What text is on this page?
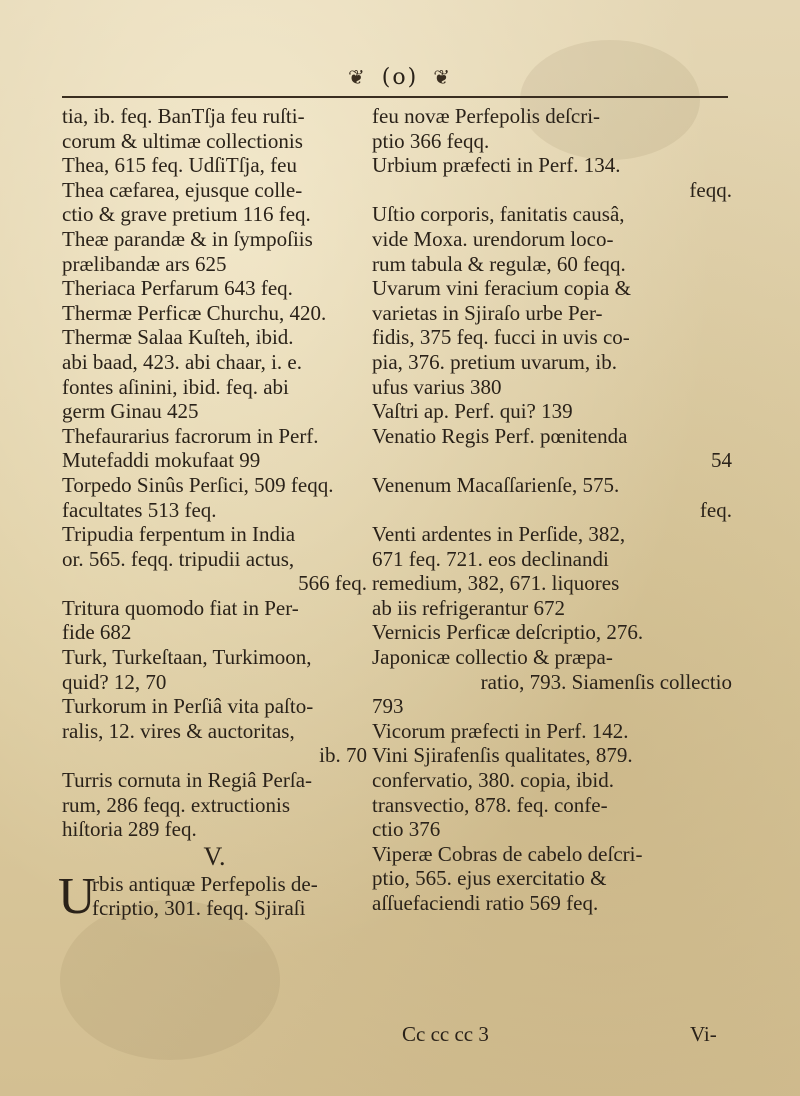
❦ (o) ❦
tia, ib. feq. BanTſja feu ruſti-
corum & ultimæ collectionis
Thea, 615 feq. UdſiTſja, feu
Thea cæfarea, ejusque colle-
ctio & grave pretium 116 feq.
Theæ parandæ & in ſympoſiis
prælibandæ ars 625
Theriaca Perfarum 643 feq.
Thermæ Perficæ Churchu, 420.
Thermæ Salaa Kuſteh, ibid.
abi baad, 423. abi chaar, i. e.
fontes aſinini, ibid. feq. abi
germ Ginau 425
Thefaurarius facrorum in Perf.
Mutefaddi mokufaat 99
Torpedo Sinûs Perſici, 509 feqq.
facultates 513 feq.
Tripudia ferpentum in India
or. 565. feqq. tripudii actus,
566 feq.
Tritura quomodo fiat in Per-
fide 682
Turk, Turkeſtaan, Turkimoon,
quid? 12, 70
Turkorum in Perſiâ vita paſto-
ralis, 12. vires & auctoritas,
ib. 70
Turris cornuta in Regiâ Perſa-
rum, 286 feqq. extructionis
hiſtoria 289 feq.
V.
U
rbis antiquæ Perfepolis de-
fcriptio, 301. feqq. Sjiraſi
feu novæ Perfepolis deſcri-
ptio 366 feqq.
Urbium præfecti in Perf. 134.
feqq.
Uſtio corporis, fanitatis causâ,
vide Moxa. urendorum loco-
rum tabula & regulæ, 60 feqq.
Uvarum vini feracium copia &
varietas in Sjiraſo urbe Per-
fidis, 375 feq. fucci in uvis co-
pia, 376. pretium uvarum, ib.
ufus varius 380
Vaſtri ap. Perf. qui? 139
Venatio Regis Perf. pœnitenda
54
Venenum Macaſſarienſe, 575.
feq.
Venti ardentes in Perſide, 382,
671 feq. 721. eos declinandi
remedium, 382, 671. liquores
ab iis refrigerantur 672
Vernicis Perficæ deſcriptio, 276.
Japonicæ collectio & præpa-
ratio, 793. Siamenſis collectio
793
Vicorum præfecti in Perf. 142.
Vini Sjirafenſis qualitates, 879.
confervatio, 380. copia, ibid.
transvectio, 878. feq. confe-
ctio 376
Viperæ Cobras de cabelo deſcri-
ptio, 565. ejus exercitatio &
aſſuefaciendi ratio 569 feq.
Cc cc cc 3	Vi-
